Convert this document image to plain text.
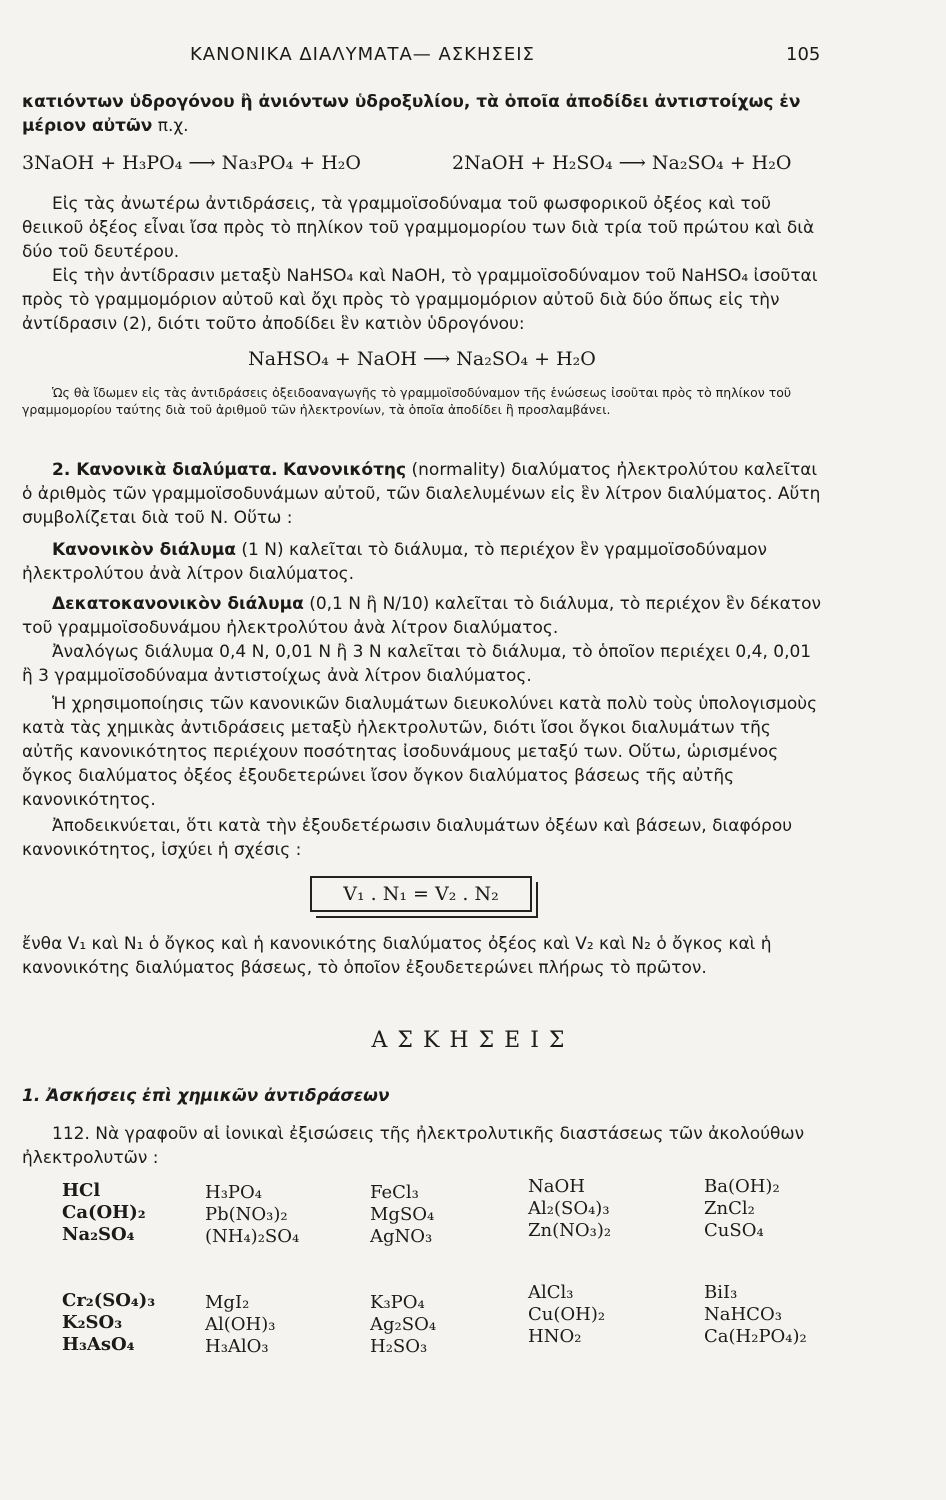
ΚΑΝΟΝΙΚΑ ΔΙΑΛΥΜΑΤΑ— ΑΣΚΗΣΕΙΣ	105

κατιόντων ὑδρογόνου ἢ ἀνιόντων ὑδροξυλίου, τὰ ὁποῖα ἀποδίδει ἀντιστοίχως ἐν
μέριον αὐτῶν π.χ.

3NaOH + H₃PO₄ ⟶ Na₃PO₄ + H₂O	2NaOH + H₂SO₄ ⟶ Na₂SO₄ + H₂O

Εἰς τὰς ἀνωτέρω ἀντιδράσεις, τὰ γραμμοϊσοδύναμα τοῦ φωσφορικοῦ ὀξέος καὶ τοῦ θειικοῦ ὀξέος εἶναι ἴσα πρὸς τὸ πηλίκον τοῦ γραμμομορίου των διὰ τρία τοῦ πρώτου καὶ διὰ δύο τοῦ δευτέρου.

Εἰς τὴν ἀντίδρασιν μεταξὺ NaHSO₄ καὶ NaOH, τὸ γραμμοϊσοδύναμον τοῦ NaHSO₄ ἰσοῦται πρὸς τὸ γραμμομόριον αὐτοῦ καὶ ὄχι πρὸς τὸ γραμμομόριον αὐτοῦ διὰ δύο ὅπως εἰς τὴν ἀντίδρασιν (2), διότι τοῦτο ἀποδίδει ἓν κατιὸν ὑδρογόνου:

NaHSO₄ + NaOH ⟶ Na₂SO₄ + H₂O

Ὡς θὰ ἴδωμεν εἰς τὰς ἀντιδράσεις ὀξειδοαναγωγῆς τὸ γραμμοϊσοδύναμον τῆς ἑνώσεως ἰσοῦται πρὸς τὸ πηλίκον τοῦ γραμμομορίου ταύτης διὰ τοῦ ἀριθμοῦ τῶν ἠλεκτρονίων, τὰ ὁποῖα ἀποδίδει ἢ προσλαμβάνει.

2. Κανονικὰ διαλύματα. Κανονικότης (normality) διαλύματος ἠλεκτρολύτου καλεῖται ὁ ἀριθμὸς τῶν γραμμοϊσοδυνάμων αὐτοῦ, τῶν διαλελυμένων εἰς ἓν λίτρον διαλύματος. Αὕτη συμβολίζεται διὰ τοῦ N. Οὕτω :

Κανονικὸν διάλυμα (1 N) καλεῖται τὸ διάλυμα, τὸ περιέχον ἓν γραμμοϊσοδύναμον ἠλεκτρολύτου ἀνὰ λίτρον διαλύματος.

Δεκατοκανονικὸν διάλυμα (0,1 N ἢ N/10) καλεῖται τὸ διάλυμα, τὸ περιέχον ἓν δέκατον τοῦ γραμμοϊσοδυνάμου ἠλεκτρολύτου ἀνὰ λίτρον διαλύματος.

Ἀναλόγως διάλυμα 0,4 N, 0,01 N ἢ 3 N καλεῖται τὸ διάλυμα, τὸ ὁποῖον περιέχει 0,4, 0,01 ἢ 3 γραμμοϊσοδύναμα ἀντιστοίχως ἀνὰ λίτρον διαλύματος.

Ἡ χρησιμοποίησις τῶν κανονικῶν διαλυμάτων διευκολύνει κατὰ πολὺ τοὺς ὑπολογισμοὺς κατὰ τὰς χημικὰς ἀντιδράσεις μεταξὺ ἠλεκτρολυτῶν, διότι ἴσοι ὄγκοι διαλυμάτων τῆς αὐτῆς κανονικότητος περιέχουν ποσότητας ἰσοδυνάμους μεταξύ των. Οὕτω, ὡρισμένος ὄγκος διαλύματος ὀξέος ἐξουδετερώνει ἴσον ὄγκον διαλύματος βάσεως τῆς αὐτῆς κανονικότητος.

Ἀποδεικνύεται, ὅτι κατὰ τὴν ἐξουδετέρωσιν διαλυμάτων ὀξέων καὶ βάσεων, διαφόρου κανονικότητος, ἰσχύει ἡ σχέσις :

V₁ . N₁ = V₂ . N₂

ἔνθα V₁ καὶ N₁ ὁ ὄγκος καὶ ἡ κανονικότης διαλύματος ὀξέος καὶ V₂ καὶ N₂ ὁ ὄγκος καὶ ἡ κανονικότης διαλύματος βάσεως, τὸ ὁποῖον ἐξουδετερώνει πλήρως τὸ πρῶτον.

ΑΣΚΗΣΕΙΣ

1. Ἀσκήσεις ἐπὶ χημικῶν ἀντιδράσεων

112. Νὰ γραφοῦν αἱ ἰονικαὶ ἐξισώσεις τῆς ἠλεκτρολυτικῆς διαστάσεως τῶν ἀκολούθων ἠλεκτρολυτῶν :

HCl
Ca(OH)₂
Na₂SO₄
H₃PO₄
Pb(NO₃)₂
(NH₄)₂SO₄
FeCl₃
MgSO₄
AgNO₃
NaOH
Al₂(SO₄)₃
Zn(NO₃)₂
Ba(OH)₂
ZnCl₂
CuSO₄
Cr₂(SO₄)₃
K₂SO₃
H₃AsO₄
MgI₂
Al(OH)₃
H₃AlO₃
K₃PO₄
Ag₂SO₄
H₂SO₃
AlCl₃
Cu(OH)₂
HNO₂
BiI₃
NaHCO₃
Ca(H₂PO₄)₂
